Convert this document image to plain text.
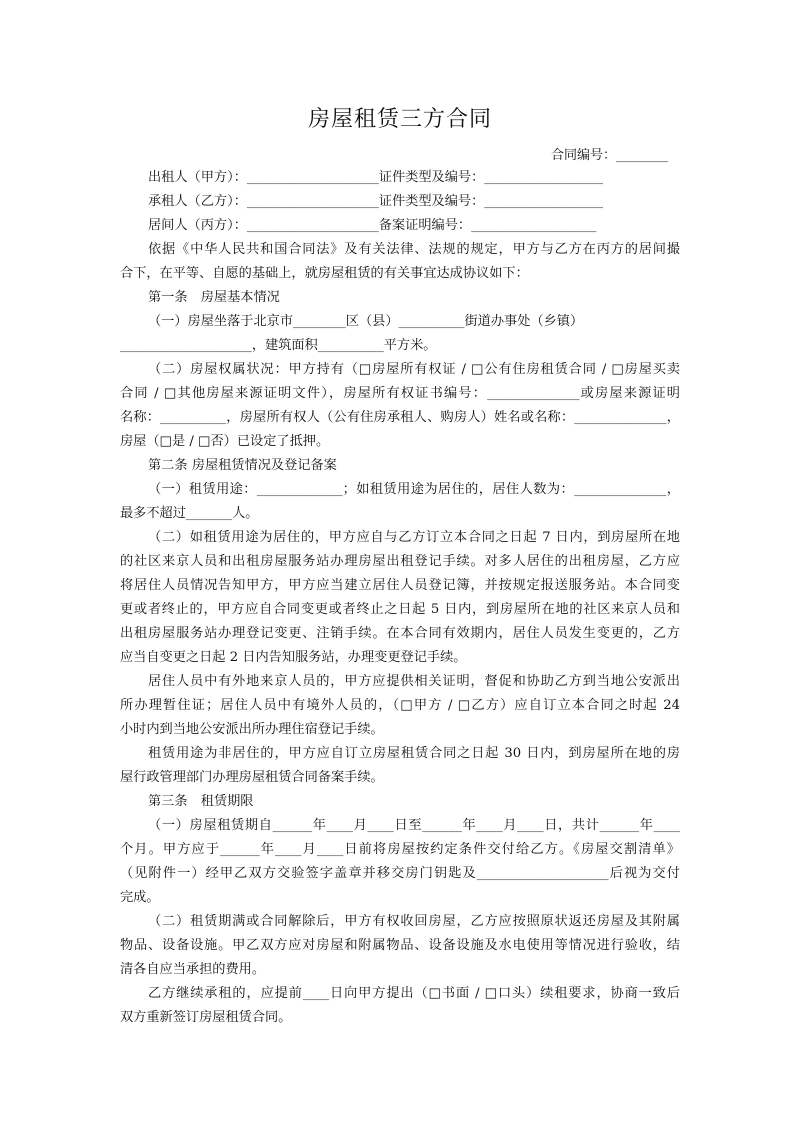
房屋租赁三方合同
合同编号：________
出租人（甲方）：____________________证件类型及编号：__________________
承租人（乙方）：____________________证件类型及编号：__________________
居间人（丙方）：____________________备案证明编号：___________________
依据《中华人民共和国合同法》及有关法律、法规的规定，甲方与乙方在丙方的居间撮
合下，在平等、自愿的基础上，就房屋租赁的有关事宜达成协议如下：
第一条　房屋基本情况
（一）房屋坐落于北京市________区（县）__________街道办事处（乡镇）
____________________，建筑面积__________平方米。
（二）房屋权属状况：甲方持有（□房屋所有权证 / □公有住房租赁合同 / □房屋买卖
合同 / □其他房屋来源证明文件），房屋所有权证书编号：______________或房屋来源证明
名称：__________，房屋所有权人（公有住房承租人、购房人）姓名或名称：______________，
房屋（□是 / □否）已设定了抵押。
第二条 房屋租赁情况及登记备案
（一）租赁用途：_____________；如租赁用途为居住的，居住人数为：______________，
最多不超过_______人。
（二）如租赁用途为居住的，甲方应自与乙方订立本合同之日起 7 日内，到房屋所在地
的社区来京人员和出租房屋服务站办理房屋出租登记手续。对多人居住的出租房屋，乙方应
将居住人员情况告知甲方，甲方应当建立居住人员登记簿，并按规定报送服务站。本合同变
更或者终止的，甲方应自合同变更或者终止之日起 5 日内，到房屋所在地的社区来京人员和
出租房屋服务站办理登记变更、注销手续。在本合同有效期内，居住人员发生变更的，乙方
应当自变更之日起 2 日内告知服务站，办理变更登记手续。
居住人员中有外地来京人员的，甲方应提供相关证明，督促和协助乙方到当地公安派出
所办理暂住证；居住人员中有境外人员的，（□甲方 / □乙方）应自订立本合同之时起 24
小时内到当地公安派出所办理住宿登记手续。
租赁用途为非居住的，甲方应自订立房屋租赁合同之日起 30 日内，到房屋所在地的房
屋行政管理部门办理房屋租赁合同备案手续。
第三条　租赁期限
（一）房屋租赁期自______年____月____日至______年____月____日，共计______年____
个月。甲方应于______年____月____日前将房屋按约定条件交付给乙方。《房屋交割清单》
（见附件一）经甲乙双方交验签字盖章并移交房门钥匙及____________________后视为交付
完成。
（二）租赁期满或合同解除后，甲方有权收回房屋，乙方应按照原状返还房屋及其附属
物品、设备设施。甲乙双方应对房屋和附属物品、设备设施及水电使用等情况进行验收，结
清各自应当承担的费用。
乙方继续承租的，应提前____日向甲方提出（□书面 / □口头）续租要求，协商一致后
双方重新签订房屋租赁合同。
